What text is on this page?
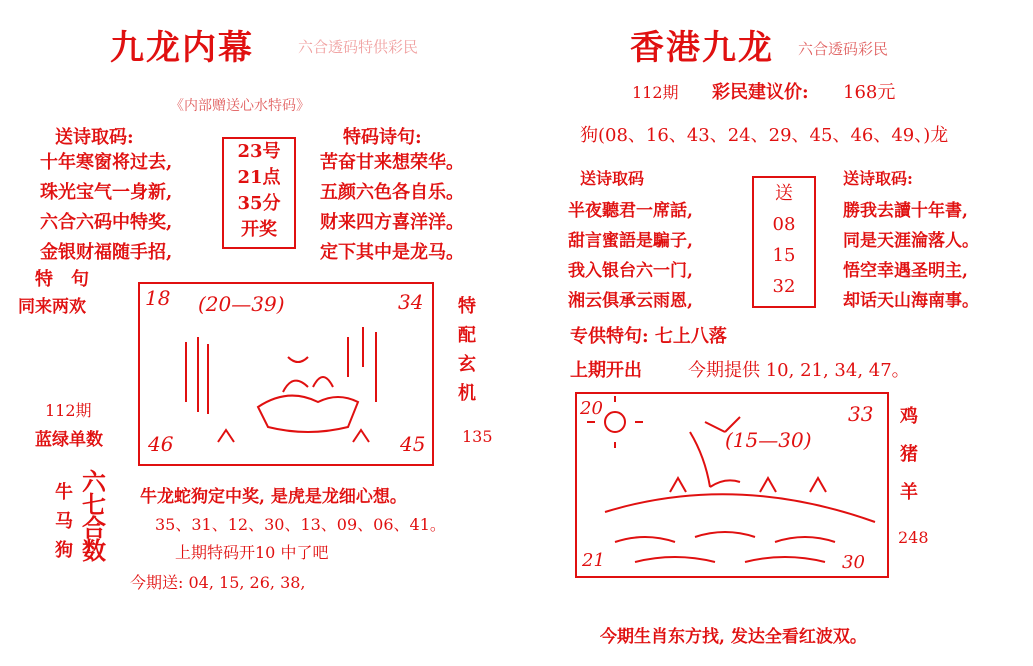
九龙内幕	六合透码特供彩民
《内部赠送心水特码》
送诗取码:
十年寒窗将过去,
珠光宝气一身新,
六合六码中特奖,
金银财福随手招,
23号
21点
35分
开奖
特码诗句:
苦奋甘来想荣华。
五颜六色各自乐。
财来四方喜洋洋。
定下其中是龙马。
特　句
同来两欢
112期
蓝绿单数
18 (20—39)	34
46	45
特
配
玄
机
135
牛
马
狗
六
七
合
数
牛龙蛇狗定中奖, 是虎是龙细心想。
35、31、12、30、13、09、06、41。
上期特码开10 中了吧
今期送: 04, 15, 26, 38,
香港九龙 六合透码彩民
112期 彩民建议价: 168元
狗(08、16、43、24、29、45、46、49、)龙
送诗取码
半夜聽君一席話,
甜言蜜語是騙子,
我入银台六一门,
湘云俱承云雨恩,
送
08
15
32
送诗取码:
勝我去讀十年書,
同是天涯淪落人。
悟空幸遇圣明主,
却话天山海南事。
专供特句: 七上八落
上期开出	今期提供 10, 21, 34, 47。
20
(15—30)
33
21	30
鸡
猪
羊
248
今期生肖东方找, 发达全看红波双。
